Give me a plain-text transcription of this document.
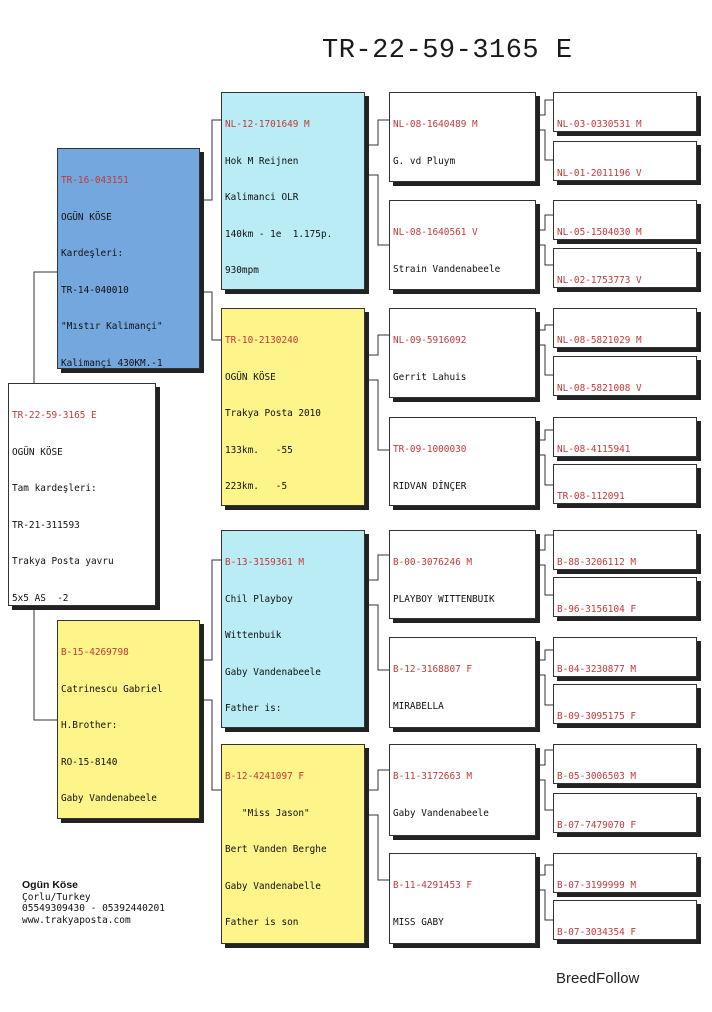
TR-22-59-3165 E

TR-22-59-3165 E

OGÜN KÖSE

Tam kardeşleri:

TR-21-311593

Trakya Posta yavru

5x5 AS  -2

TR-16-043151

OGÜN KÖSE

Kardeşleri:

TR-14-040010

"Mıstır Kalimançi"

Kalimançi 430KM.-1

B-15-4269798

Catrinescu Gabriel

H.Brother:

RO-15-8140

Gaby Vandenabeele

NL-12-1701649 M

Hok M Reijnen

Kalimanci OLR

140km - 1e  1.175p.

930mpm

TR-10-2130240

OGÜN KÖSE

Trakya Posta 2010

133km.   -55

223km.   -5

B-13-3159361 M

Chil Playboy

Wittenbuik

Gaby Vandenabeele

Father is:

B-12-4241097 F

"Miss Jason"

Bert Vanden Berghe

Gaby Vandenabelle

Father is son

NL-08-1640489 M

G. vd Pluym

NL-08-1640561 V

Strain Vandenabeele

NL-09-5916092

Gerrit Lahuis

TR-09-1000030

RIDVAN DİNÇER

B-00-3076246 M

PLAYBOY WITTENBUIK

B-12-3168807 F

MIRABELLA

B-11-3172663 M

Gaby Vandenabeele

B-11-4291453 F

MISS GABY

NL-03-0330531 M

NL-01-2011196 V

NL-05-1504030 M

NL-02-1753773 V

NL-08-5821029 M

NL-08-5821008 V

NL-08-4115941

TR-08-112091

B-88-3206112 M

B-96-3156104 F

B-04-3230877 M

B-09-3095175 F

B-05-3006503 M

B-07-7479070 F

B-07-3199999 M

B-07-3034354 F

Ogün Köse
Çorlu/Turkey
05549309430 - 05392440201
www.trakyaposta.com
BreedFollow
